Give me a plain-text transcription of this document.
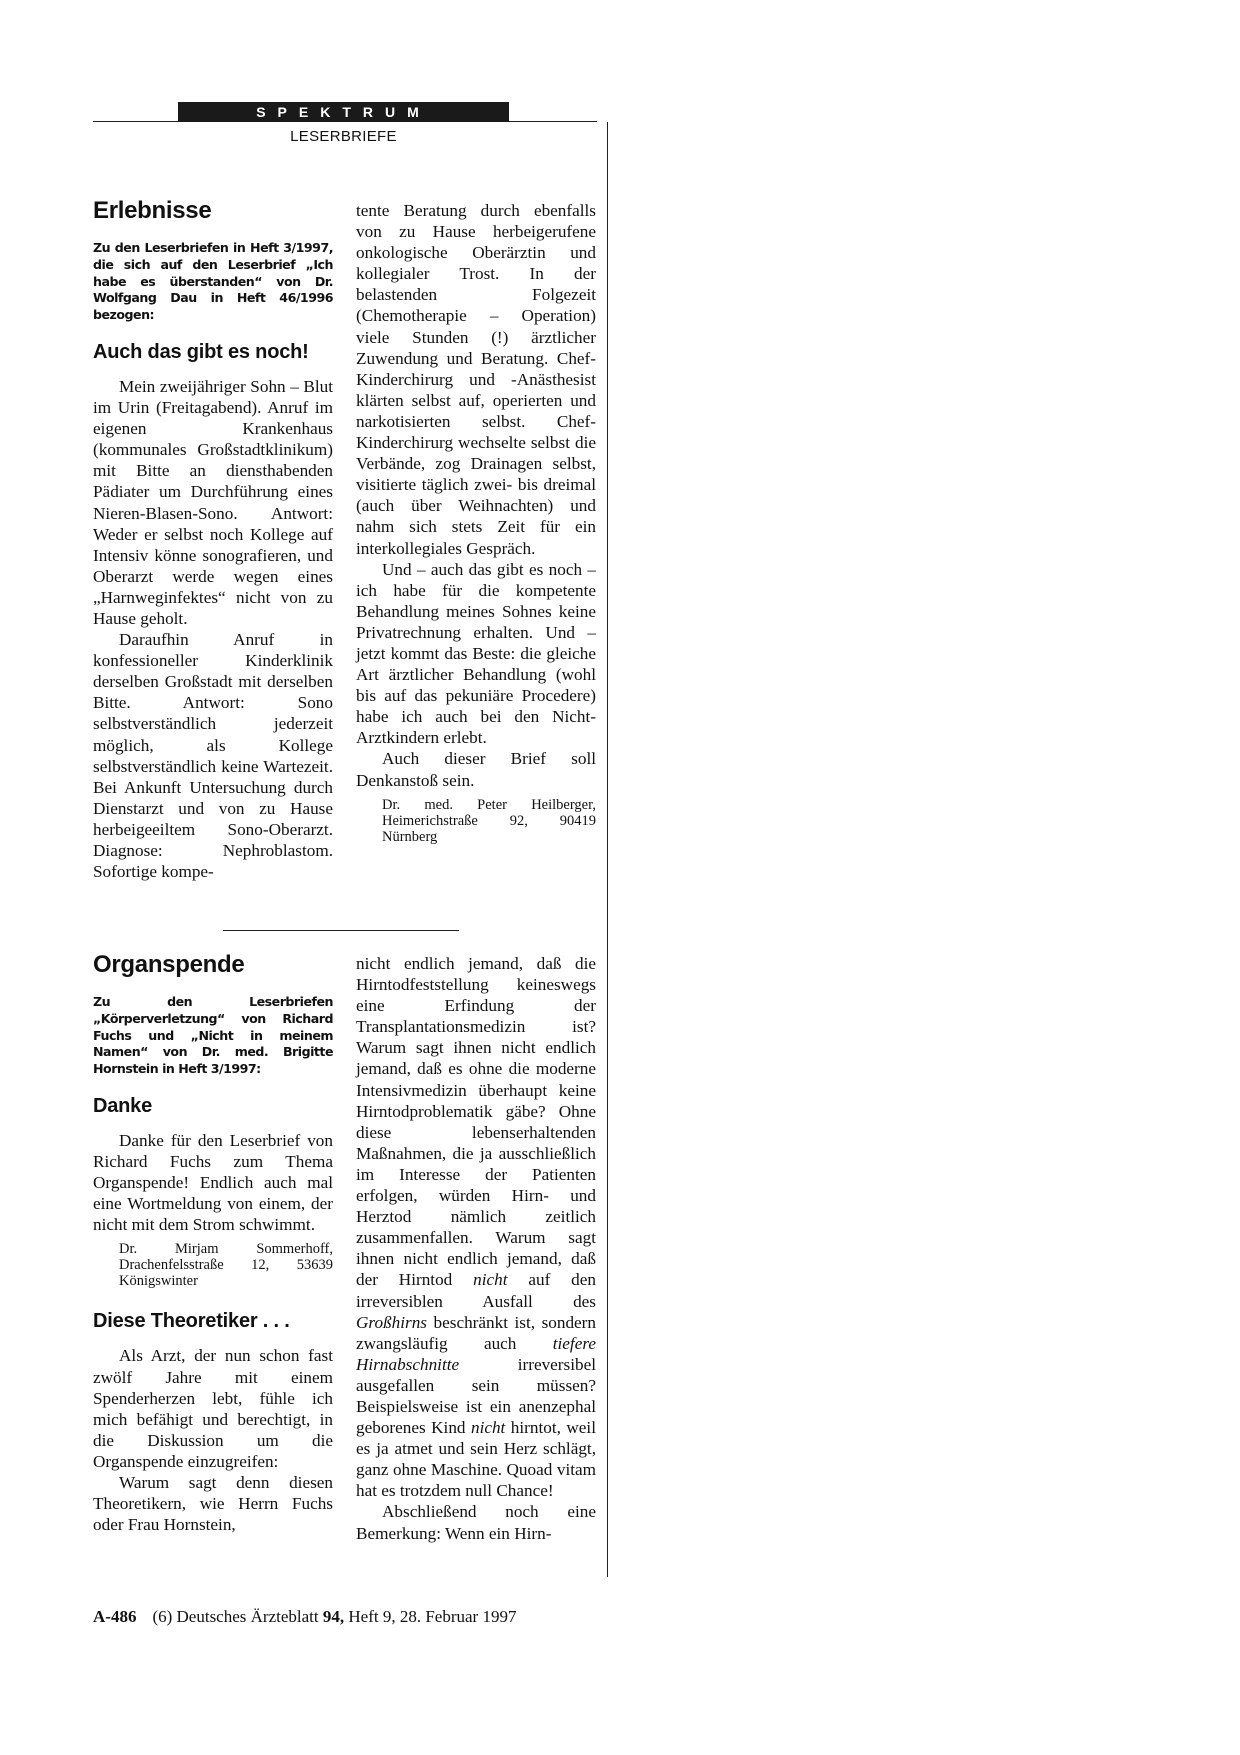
SPEKTRUM
LESERBRIEFE
Erlebnisse
Zu den Leserbriefen in Heft 3/1997, die sich auf den Leserbrief „Ich habe es überstanden“ von Dr. Wolfgang Dau in Heft 46/1996 bezogen:
Auch das gibt es noch!

Mein zweijähriger Sohn – Blut im Urin (Freitagabend). Anruf im eigenen Krankenhaus (kommunales Großstadtklinikum) mit Bitte an diensthabenden Pädiater um Durchführung eines Nieren-Blasen-Sono. Antwort: Weder er selbst noch Kollege auf Intensiv könne sonografieren, und Oberarzt werde wegen eines „Harnweginfektes“ nicht von zu Hause geholt.

Daraufhin Anruf in konfessioneller Kinderklinik derselben Großstadt mit derselben Bitte. Antwort: Sono selbstverständlich jederzeit möglich, als Kollege selbstverständlich keine Wartezeit. Bei Ankunft Untersuchung durch Dienstarzt und von zu Hause herbeigeeiltem Sono-Oberarzt. Diagnose: Nephroblastom. Sofortige kompe-

tente Beratung durch ebenfalls von zu Hause herbeigerufene onkologische Oberärztin und kollegialer Trost. In der belastenden Folgezeit (Chemotherapie – Operation) viele Stunden (!) ärztlicher Zuwendung und Beratung. Chef-Kinderchirurg und -Anästhesist klärten selbst auf, operierten und narkotisierten selbst. Chef-Kinderchirurg wechselte selbst die Verbände, zog Drainagen selbst, visitierte täglich zwei- bis dreimal (auch über Weihnachten) und nahm sich stets Zeit für ein interkollegiales Gespräch.

Und – auch das gibt es noch – ich habe für die kompetente Behandlung meines Sohnes keine Privatrechnung erhalten. Und – jetzt kommt das Beste: die gleiche Art ärztlicher Behandlung (wohl bis auf das pekuniäre Procedere) habe ich auch bei den Nicht-Arztkindern erlebt.

Auch dieser Brief soll Denkanstoß sein.

Dr. med. Peter Heilberger, Heimerichstraße 92, 90419 Nürnberg
Organspende
Zu den Leserbriefen „Körperverletzung“ von Richard Fuchs und „Nicht in meinem Namen“ von Dr. med. Brigitte Hornstein in Heft 3/1997:
Danke

Danke für den Leserbrief von Richard Fuchs zum Thema Organspende! Endlich auch mal eine Wortmeldung von einem, der nicht mit dem Strom schwimmt.

Dr. Mirjam Sommerhoff, Drachenfelsstraße 12, 53639 Königswinter
Diese Theoretiker . . .

Als Arzt, der nun schon fast zwölf Jahre mit einem Spenderherzen lebt, fühle ich mich befähigt und berechtigt, in die Diskussion um die Organspende einzugreifen:

Warum sagt denn diesen Theoretikern, wie Herrn Fuchs oder Frau Hornstein,

nicht endlich jemand, daß die Hirntodfeststellung keineswegs eine Erfindung der Transplantationsmedizin ist? Warum sagt ihnen nicht endlich jemand, daß es ohne die moderne Intensivmedizin überhaupt keine Hirntodproblematik gäbe? Ohne diese lebenserhaltenden Maßnahmen, die ja ausschließlich im Interesse der Patienten erfolgen, würden Hirn- und Herztod nämlich zeitlich zusammenfallen. Warum sagt ihnen nicht endlich jemand, daß der Hirntod nicht auf den irreversiblen Ausfall des Großhirns beschränkt ist, sondern zwangsläufig auch tiefere Hirnabschnitte irreversibel ausgefallen sein müssen? Beispielsweise ist ein anenzephal geborenes Kind nicht hirntot, weil es ja atmet und sein Herz schlägt, ganz ohne Maschine. Quoad vitam hat es trotzdem null Chance!

Abschließend noch eine Bemerkung: Wenn ein Hirn-

A-486 (6) Deutsches Ärzteblatt 94, Heft 9, 28. Februar 1997
